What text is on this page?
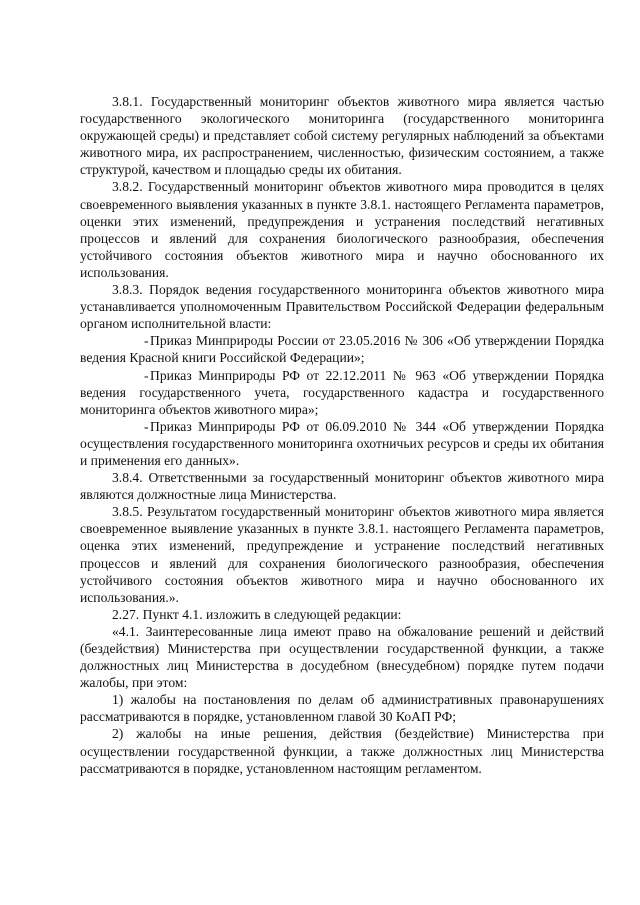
3.8.1. Государственный мониторинг объектов животного мира является частью государственного экологического мониторинга (государственного мониторинга окружающей среды) и представляет собой систему регулярных наблюдений за объектами животного мира, их распространением, численностью, физическим состоянием, а также структурой, качеством и площадью среды их обитания.

3.8.2. Государственный мониторинг объектов животного мира проводится в целях своевременного выявления указанных в пункте 3.8.1. настоящего Регламента параметров, оценки этих изменений, предупреждения и устранения последствий негативных процессов и явлений для сохранения биологического разнообразия, обеспечения устойчивого состояния объектов животного мира и научно обоснованного их использования.

3.8.3. Порядок ведения государственного мониторинга объектов животного мира устанавливается уполномоченным Правительством Российской Федерации федеральным органом исполнительной власти:

-Приказ Минприроды России от 23.05.2016 № 306 «Об утверждении Порядка ведения Красной книги Российской Федерации»;

-Приказ Минприроды РФ от 22.12.2011 № 963 «Об утверждении Порядка ведения государственного учета, государственного кадастра и государственного мониторинга объектов животного мира»;

-Приказ Минприроды РФ от 06.09.2010 № 344 «Об утверждении Порядка осуществления государственного мониторинга охотничьих ресурсов и среды их обитания и применения его данных».

3.8.4. Ответственными за государственный мониторинг объектов животного мира являются должностные лица Министерства.

3.8.5. Результатом государственный мониторинг объектов животного мира является своевременное выявление указанных в пункте 3.8.1. настоящего Регламента параметров, оценка этих изменений, предупреждение и устранение последствий негативных процессов и явлений для сохранения биологического разнообразия, обеспечения устойчивого состояния объектов животного мира и научно обоснованного их использования.».

2.27. Пункт 4.1. изложить в следующей редакции:

«4.1. Заинтересованные лица имеют право на обжалование решений и действий (бездействия) Министерства при осуществлении государственной функции, а также должностных лиц Министерства в досудебном (внесудебном) порядке путем подачи жалобы, при этом:

1) жалобы на постановления по делам об административных правонарушениях рассматриваются в порядке, установленном главой 30 КоАП РФ;

2) жалобы на иные решения, действия (бездействие) Министерства при осуществлении государственной функции, а также должностных лиц Министерства рассматриваются в порядке, установленном настоящим регламентом.
